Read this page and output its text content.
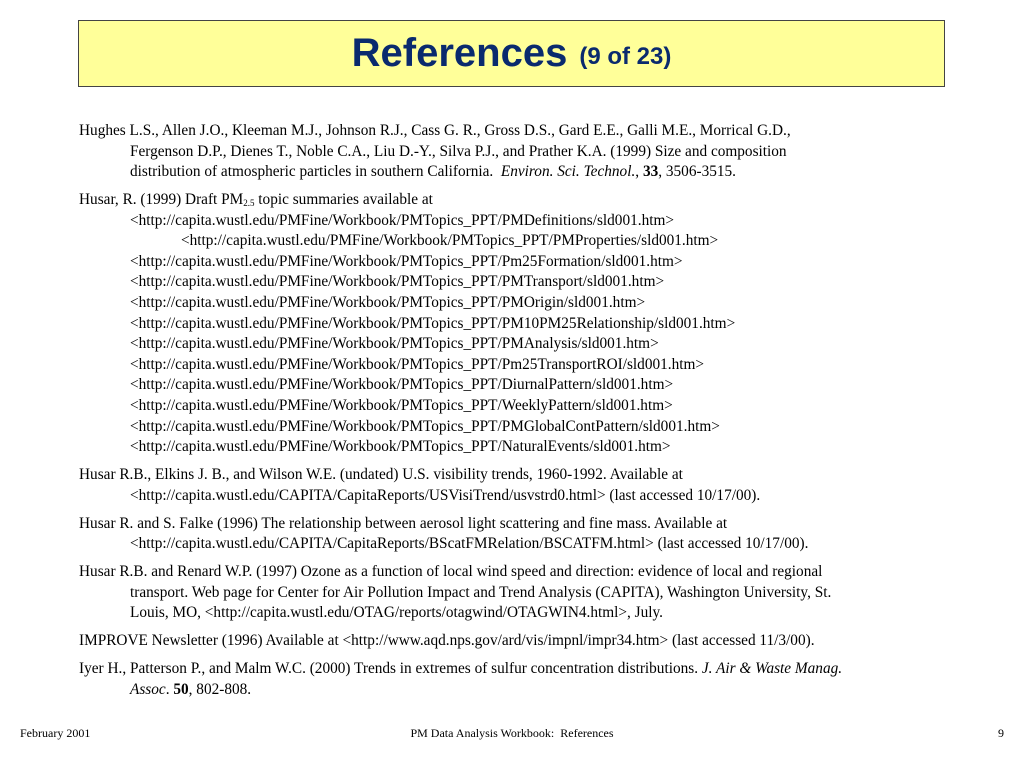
References (9 of 23)
Hughes L.S., Allen J.O., Kleeman M.J., Johnson R.J., Cass G. R., Gross D.S., Gard E.E., Galli M.E., Morrical G.D.,
Fergenson D.P., Dienes T., Noble C.A., Liu D.-Y., Silva P.J., and Prather K.A. (1999) Size and composition
distribution of atmospheric particles in southern California.  Environ. Sci. Technol., 33, 3506-3515.
Husar, R. (1999) Draft $PM_{2.5}$ topic summaries available at
<http://capita.wustl.edu/PMFine/Workbook/PMTopics_PPT/PMDefinitions/sld001.htm>
<http://capita.wustl.edu/PMFine/Workbook/PMTopics_PPT/PMProperties/sld001.htm>
<http://capita.wustl.edu/PMFine/Workbook/PMTopics_PPT/Pm25Formation/sld001.htm>
<http://capita.wustl.edu/PMFine/Workbook/PMTopics_PPT/PMTransport/sld001.htm>
<http://capita.wustl.edu/PMFine/Workbook/PMTopics_PPT/PMOrigin/sld001.htm>
<http://capita.wustl.edu/PMFine/Workbook/PMTopics_PPT/PM10PM25Relationship/sld001.htm>
<http://capita.wustl.edu/PMFine/Workbook/PMTopics_PPT/PMAnalysis/sld001.htm>
<http://capita.wustl.edu/PMFine/Workbook/PMTopics_PPT/Pm25TransportROI/sld001.htm>
<http://capita.wustl.edu/PMFine/Workbook/PMTopics_PPT/DiurnalPattern/sld001.htm>
<http://capita.wustl.edu/PMFine/Workbook/PMTopics_PPT/WeeklyPattern/sld001.htm>
<http://capita.wustl.edu/PMFine/Workbook/PMTopics_PPT/PMGlobalContPattern/sld001.htm>
<http://capita.wustl.edu/PMFine/Workbook/PMTopics_PPT/NaturalEvents/sld001.htm>
Husar R.B., Elkins J. B., and Wilson W.E. (undated) U.S. visibility trends, 1960-1992. Available at
<http://capita.wustl.edu/CAPITA/CapitaReports/USVisiTrend/usvstrd0.html> (last accessed 10/17/00).
Husar R. and S. Falke (1996) The relationship between aerosol light scattering and fine mass. Available at
<http://capita.wustl.edu/CAPITA/CapitaReports/BScatFMRelation/BSCATFM.html> (last accessed 10/17/00).
Husar R.B. and Renard W.P. (1997) Ozone as a function of local wind speed and direction: evidence of local and regional
transport. Web page for Center for Air Pollution Impact and Trend Analysis (CAPITA), Washington University, St.
Louis, MO, <http://capita.wustl.edu/OTAG/reports/otagwind/OTAGWIN4.html>, July.
IMPROVE Newsletter (1996) Available at <http://www.aqd.nps.gov/ard/vis/impnl/impr34.htm> (last accessed 11/3/00).
Iyer H., Patterson P., and Malm W.C. (2000) Trends in extremes of sulfur concentration distributions. J. Air & Waste Manag.
Assoc. 50, 802-808.
February 2001	PM Data Analysis Workbook:  References	9
